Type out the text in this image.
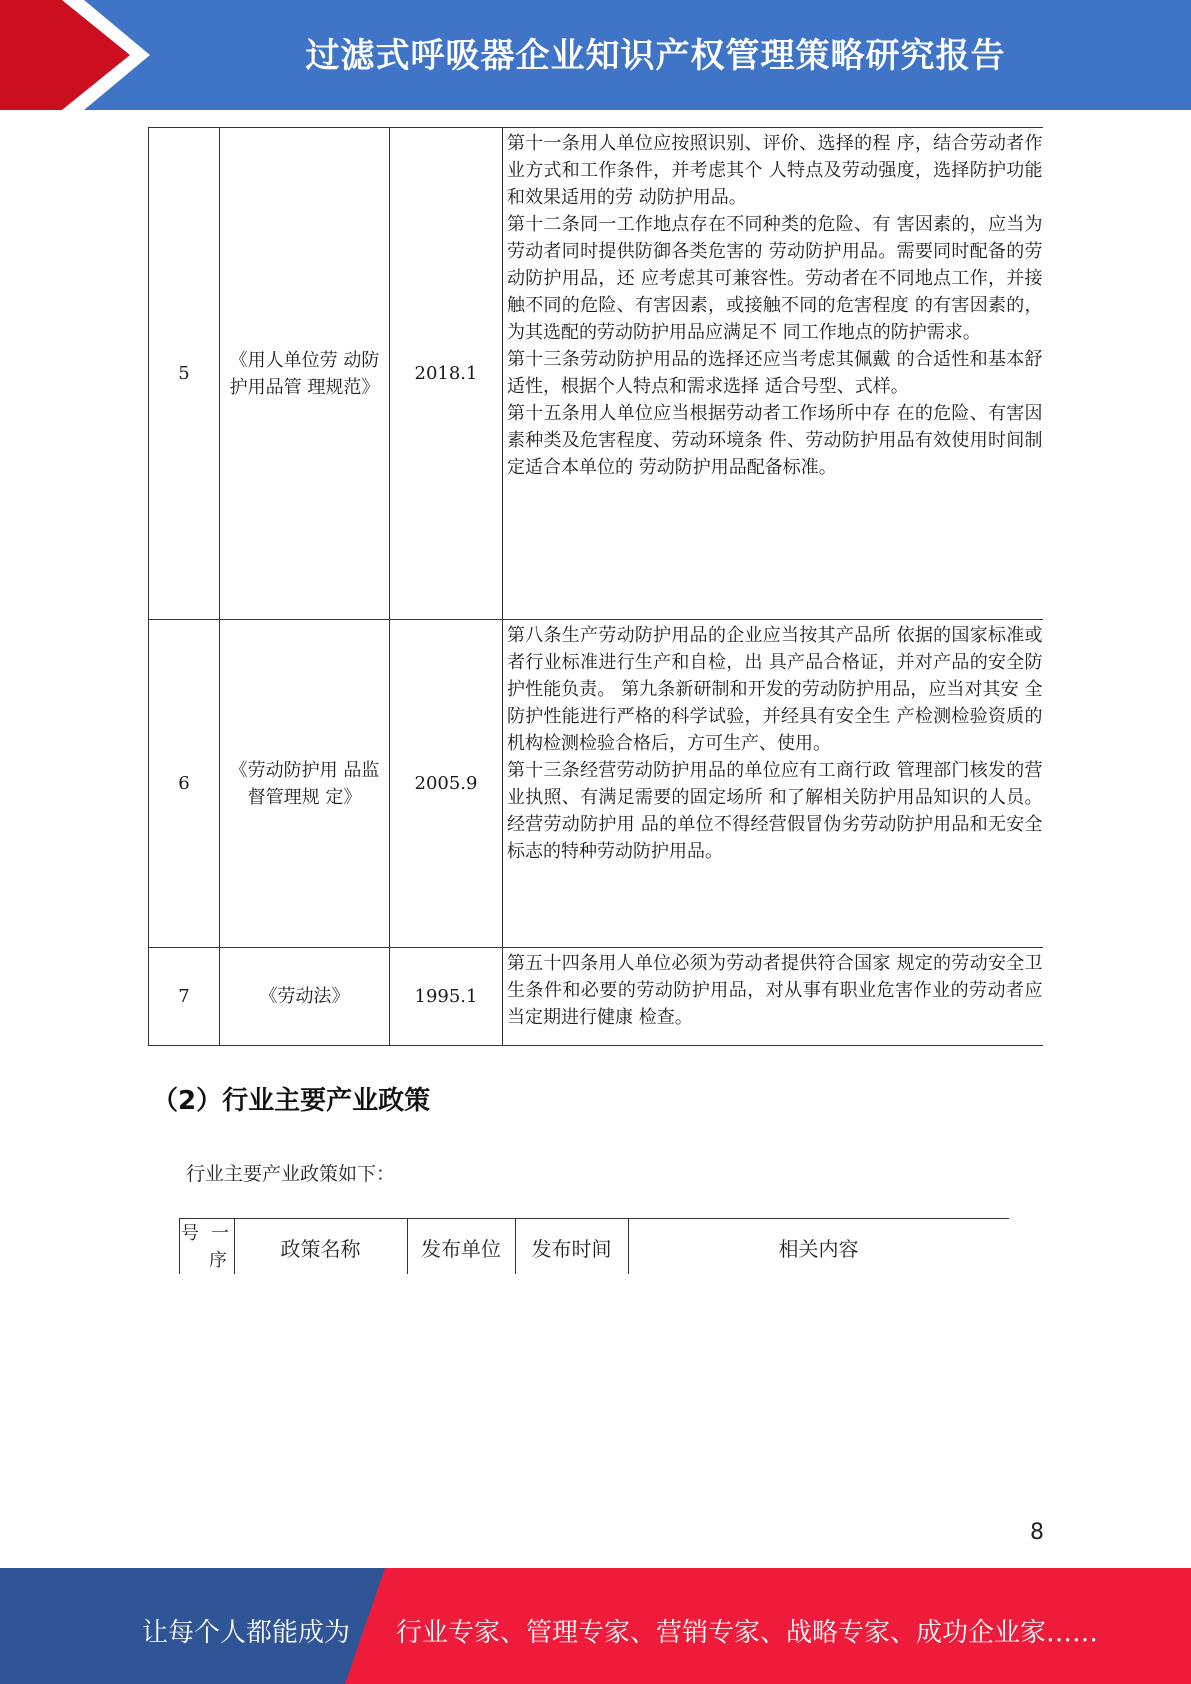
过滤式呼吸器企业知识产权管理策略研究报告
5	《用人单位劳 动防护用品管 理规范》	2018.1	第十一条用人单位应按照识别、评价、选择的程 序，结合劳动者作业方式和工作条件，并考虑其个 人特点及劳动强度，选择防护功能和效果适用的劳 动防护用品。
第十二条同一工作地点存在不同种类的危险、有 害因素的，应当为劳动者同时提供防御各类危害的 劳动防护用品。需要同时配备的劳动防护用品，还 应考虑其可兼容性。劳动者在不同地点工作，并接 触不同的危险、有害因素，或接触不同的危害程度 的有害因素的，为其选配的劳动防护用品应满足不 同工作地点的防护需求。
第十三条劳动防护用品的选择还应当考虑其佩戴 的合适性和基本舒适性，根据个人特点和需求选择 适合号型、式样。
第十五条用人单位应当根据劳动者工作场所中存 在的危险、有害因素种类及危害程度、劳动环境条 件、劳动防护用品有效使用时间制定适合本单位的 劳动防护用品配备标准。

6	《劳动防护用 品监督管理规 定》	2005.9	第八条生产劳动防护用品的企业应当按其产品所 依据的国家标准或者行业标准进行生产和自检，出 具产品合格证，并对产品的安全防护性能负责。 第九条新研制和开发的劳动防护用品，应当对其安 全防护性能进行严格的科学试验，并经具有安全生 产检测检验资质的机构检测检验合格后，方可生产、使用。
第十三条经营劳动防护用品的单位应有工商行政 管理部门核发的营业执照、有满足需要的固定场所 和了解相关防护用品知识的人员。经营劳动防护用 品的单位不得经营假冒伪劣劳动防护用品和无安全 标志的特种劳动防护用品。

7	《劳动法》	1995.1	第五十四条用人单位必须为劳动者提供符合国家 规定的劳动安全卫生条件和必要的劳动防护用品，对从事有职业危害作业的劳动者应当定期进行健康 检查。
（2）行业主要产业政策
行业主要产业政策如下：
号 一
序	政策名称	发布单位	发布时间	相关内容
8
让每个人都能成为 行业专家、管理专家、营销专家、战略专家、成功企业家……
